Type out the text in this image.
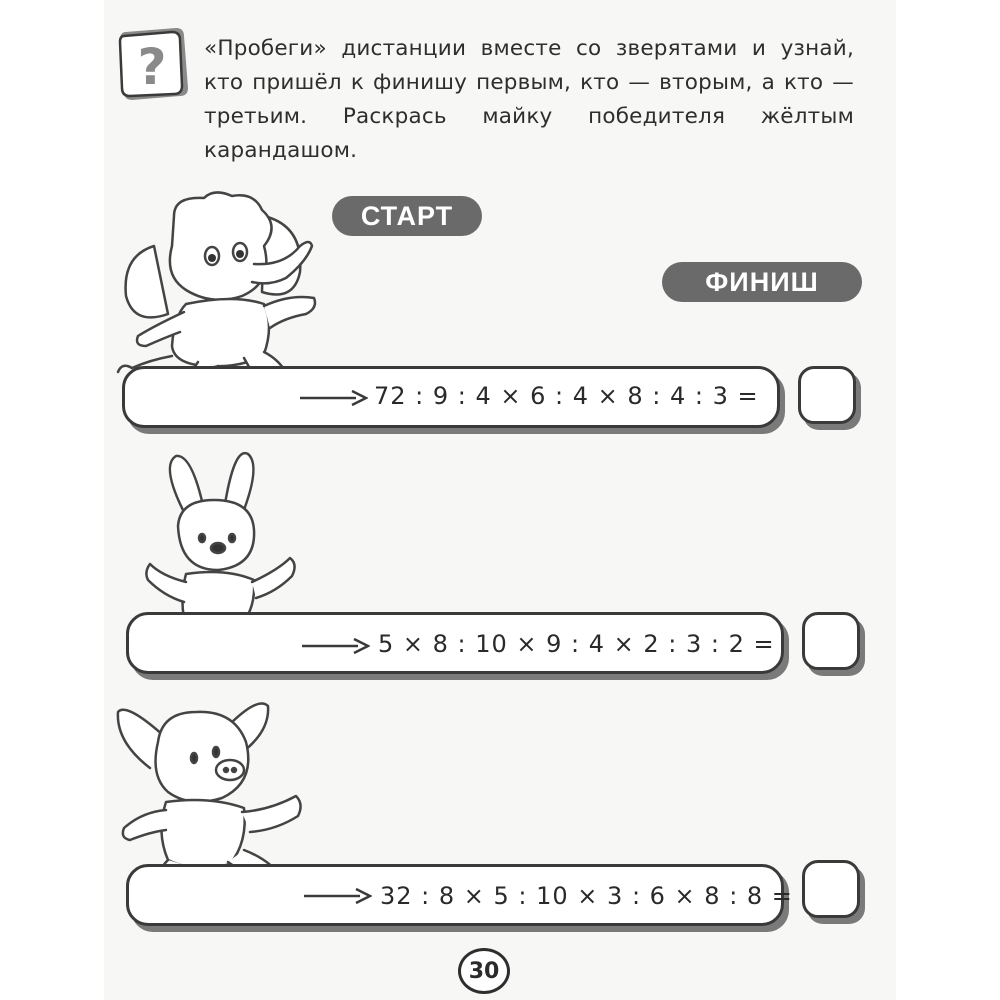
? «Пробеги» дистанции вместе со зверятами и узнай, кто пришёл к финишу первым, кто — вторым, а кто — третьим. Раскрась майку победителя жёлтым карандашом.
СТАРТ
ФИНИШ
72 : 9 : 4 × 6 : 4 × 8 : 4 : 3 =
5 × 8 : 10 × 9 : 4 × 2 : 3 : 2 =
32 : 8 × 5 : 10 × 3 : 6 × 8 : 8 =
30
